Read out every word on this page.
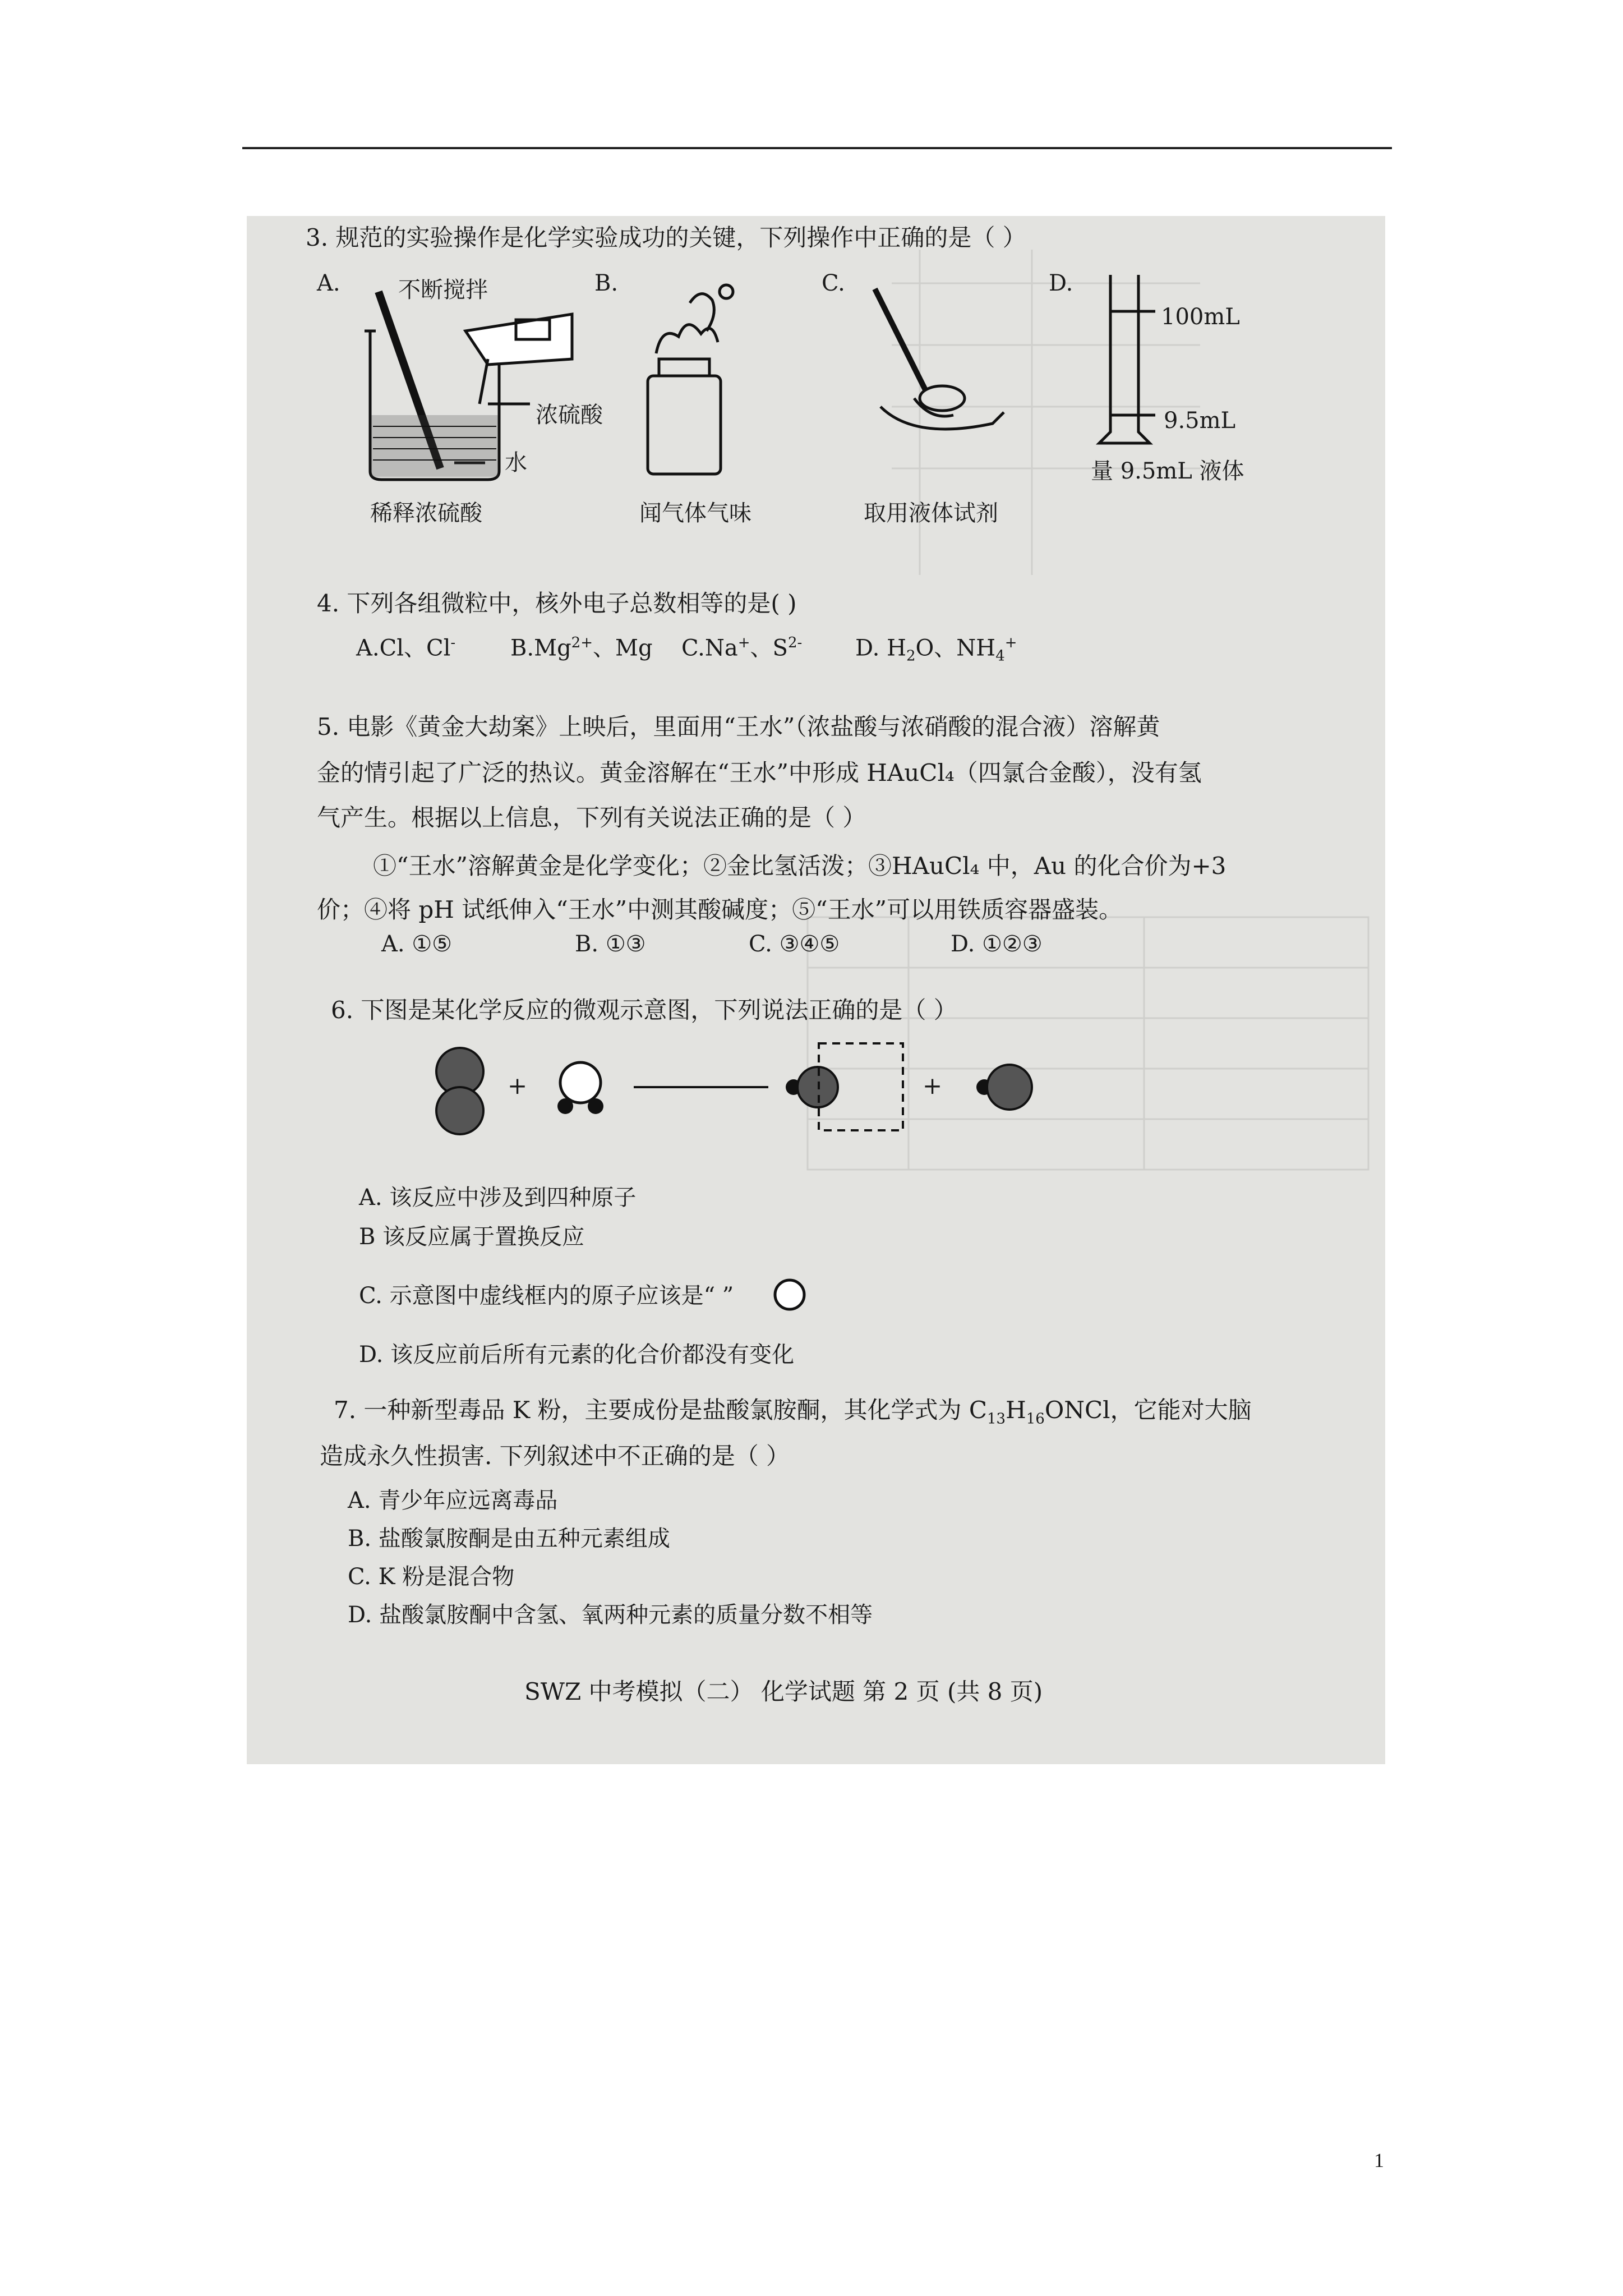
3. 规范的实验操作是化学实验成功的关键，下列操作中正确的是（ ）
A.	B.	C.	D.
不断搅拌
浓硫酸
水
稀释浓硫酸	闻气体气味	取用液体试剂
100mL
9.5mL
量 9.5mL 液体
4. 下列各组微粒中，核外电子总数相等的是( )
A.Cl、Cl- $B.Mg^{2+}$、Mg C.Na+、$S^{2-}$ D. $H_2O$、$NH_4^+$
5. 电影《黄金大劫案》上映后，里面用“王水”（浓盐酸与浓硝酸的混合液）溶解黄
金的情引起了广泛的热议。黄金溶解在“王水”中形成 HAuCl₄（四氯合金酸），没有氢
气产生。根据以上信息，下列有关说法正确的是（ ）
①“王水”溶解黄金是化学变化；②金比氢活泼；③HAuCl₄ 中，Au 的化合价为+3
价；④将 pH 试纸伸入“王水”中测其酸碱度；⑤“王水”可以用铁质容器盛装。
A. ①⑤	B. ①③	C. ③④⑤	D. ①②③
6. 下图是某化学反应的微观示意图，下列说法正确的是（ ）
+	+
A. 该反应中涉及到四种原子
B 该反应属于置换反应
C. 示意图中虚线框内的原子应该是“ ”
D. 该反应前后所有元素的化合价都没有变化
7. 一种新型毒品 K 粉，主要成份是盐酸氯胺酮，其化学式为 $C_{13}H_{16}ONCl$，它能对大脑
造成永久性损害. 下列叙述中不正确的是（ ）
A. 青少年应远离毒品
B. 盐酸氯胺酮是由五种元素组成
C. K 粉是混合物
D. 盐酸氯胺酮中含氢、氧两种元素的质量分数不相等
SWZ 中考模拟（二） 化学试题 第 2 页 (共 8 页)
1
